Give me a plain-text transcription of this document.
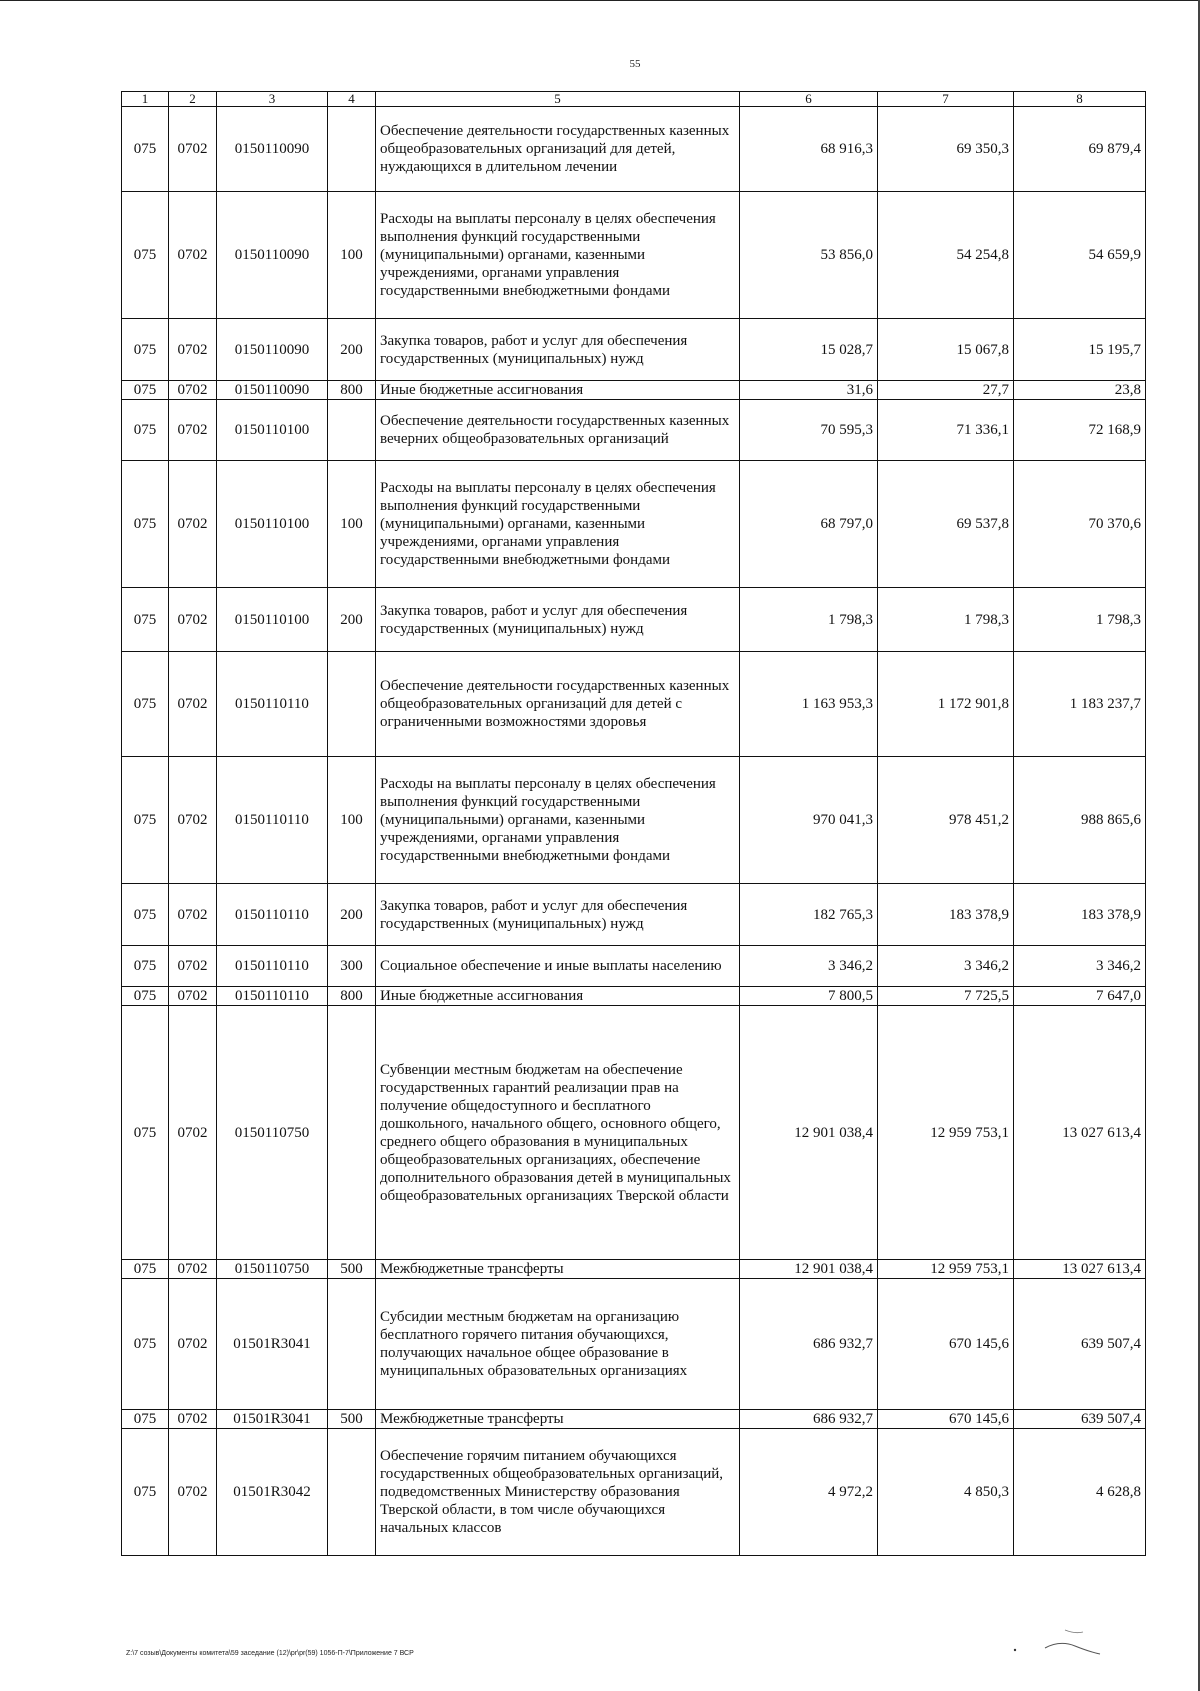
55
1	2	3	4	5	6	7	8
075	0702	0150110090		Обеспечение деятельности государственных казенных общеобразовательных организаций для детей, нуждающихся в длительном лечении	68 916,3	69 350,3	69 879,4
075	0702	0150110090	100	Расходы на выплаты персоналу в целях обеспечения выполнения функций государственными (муниципальными) органами, казенными учреждениями, органами управления государственными внебюджетными фондами	53 856,0	54 254,8	54 659,9
075	0702	0150110090	200	Закупка товаров, работ и услуг для обеспечения государственных (муниципальных) нужд	15 028,7	15 067,8	15 195,7
075	0702	0150110090	800	Иные бюджетные ассигнования	31,6	27,7	23,8
075	0702	0150110100		Обеспечение деятельности государственных казенных вечерних общеобразовательных организаций	70 595,3	71 336,1	72 168,9
075	0702	0150110100	100	Расходы на выплаты персоналу в целях обеспечения выполнения функций государственными (муниципальными) органами, казенными учреждениями, органами управления государственными внебюджетными фондами	68 797,0	69 537,8	70 370,6
075	0702	0150110100	200	Закупка товаров, работ и услуг для обеспечения государственных (муниципальных) нужд	1 798,3	1 798,3	1 798,3
075	0702	0150110110		Обеспечение деятельности государственных казенных общеобразовательных организаций для детей с ограниченными возможностями здоровья	1 163 953,3	1 172 901,8	1 183 237,7
075	0702	0150110110	100	Расходы на выплаты персоналу в целях обеспечения выполнения функций государственными (муниципальными) органами, казенными учреждениями, органами управления государственными внебюджетными фондами	970 041,3	978 451,2	988 865,6
075	0702	0150110110	200	Закупка товаров, работ и услуг для обеспечения государственных (муниципальных) нужд	182 765,3	183 378,9	183 378,9
075	0702	0150110110	300	Социальное обеспечение и иные выплаты населению	3 346,2	3 346,2	3 346,2
075	0702	0150110110	800	Иные бюджетные ассигнования	7 800,5	7 725,5	7 647,0
075	0702	0150110750		Субвенции местным бюджетам на обеспечение государственных гарантий реализации прав на получение общедоступного и бесплатного дошкольного, начального общего, основного общего, среднего общего образования в муниципальных общеобразовательных организациях, обеспечение дополнительного образования детей в муниципальных общеобразовательных организациях Тверской области	12 901 038,4	12 959 753,1	13 027 613,4
075	0702	0150110750	500	Межбюджетные трансферты	12 901 038,4	12 959 753,1	13 027 613,4
075	0702	01501R3041		Субсидии местным бюджетам на организацию бесплатного горячего питания обучающихся, получающих начальное общее образование в муниципальных образовательных организациях	686 932,7	670 145,6	639 507,4
075	0702	01501R3041	500	Межбюджетные трансферты	686 932,7	670 145,6	639 507,4
075	0702	01501R3042		Обеспечение горячим питанием обучающихся государственных общеобразовательных организаций, подведомственных Министерству образования Тверской области, в том числе обучающихся начальных классов	4 972,2	4 850,3	4 628,8
Z:\7 созыв\Документы комитета\59 заседание (12)\pr\pr(59) 1056-П-7\Приложение 7 ВСР
